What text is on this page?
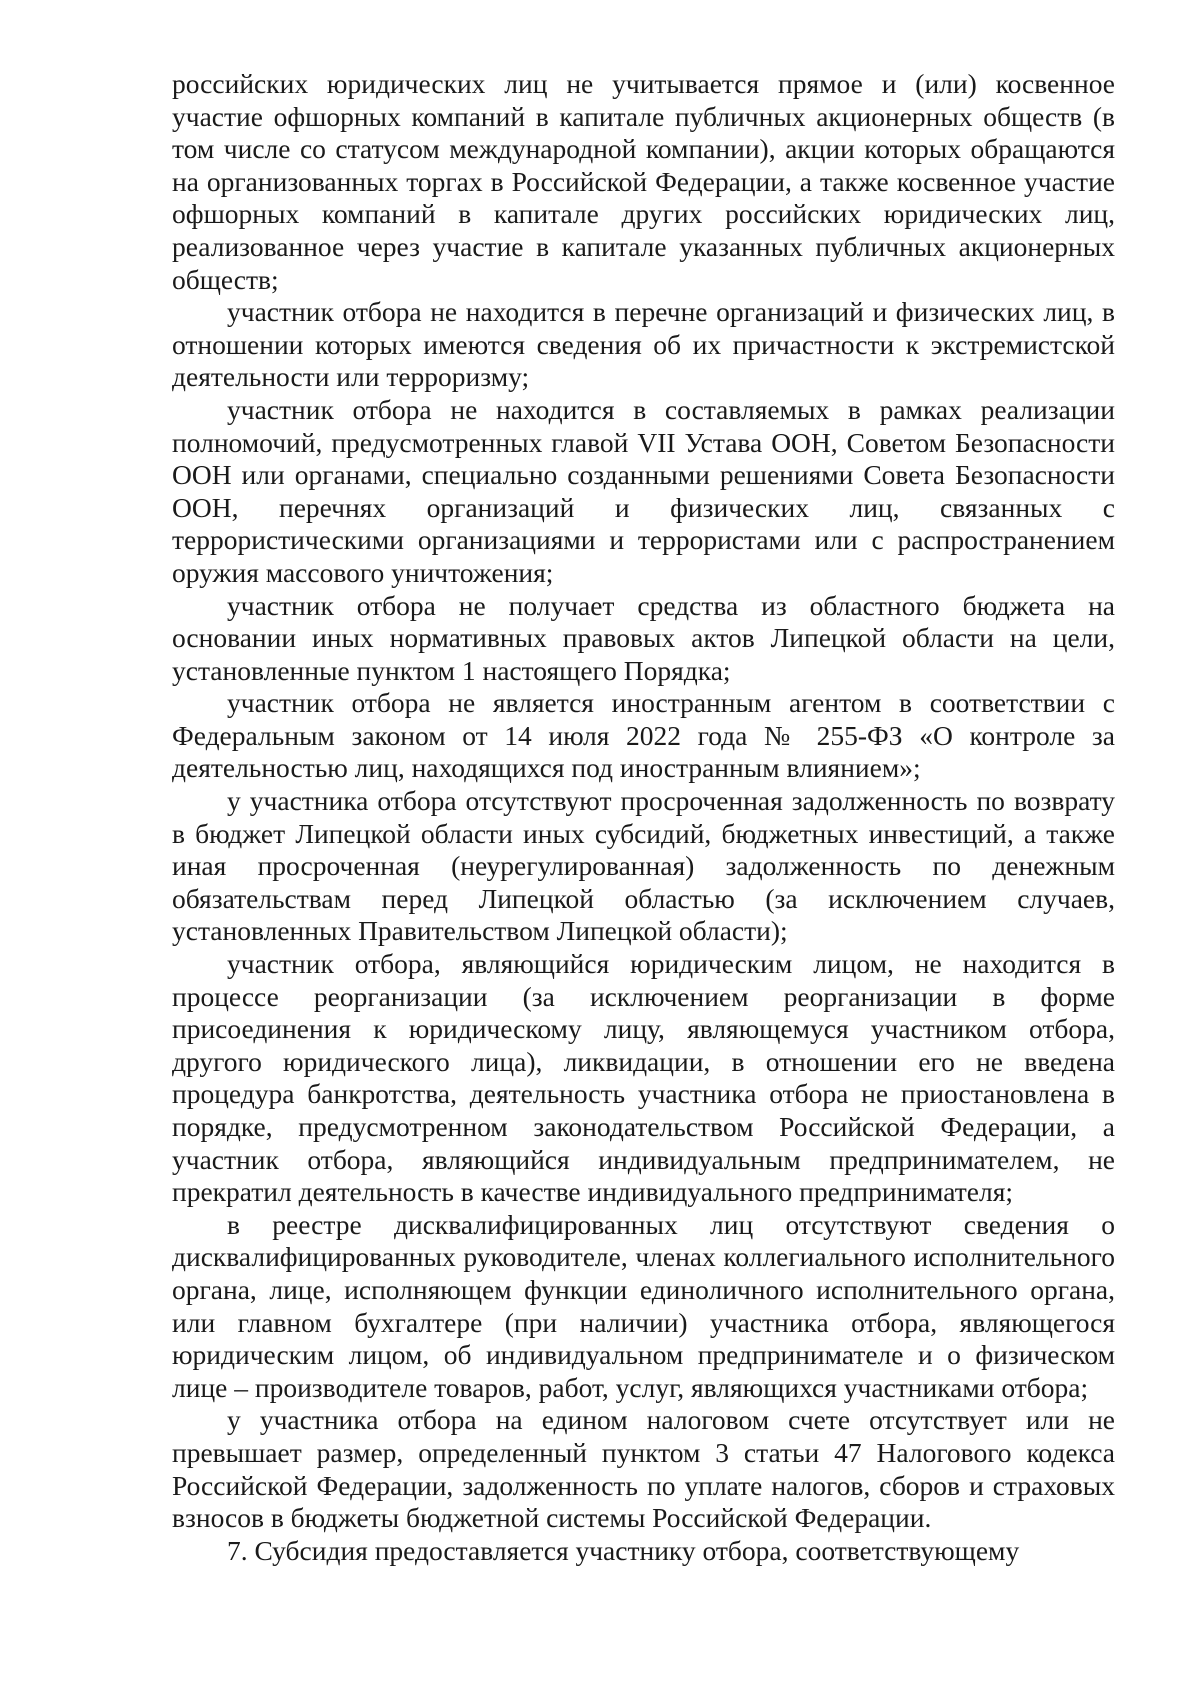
российских юридических лиц не учитывается прямое и (или) косвенное участие офшорных компаний в капитале публичных акционерных обществ (в том числе со статусом международной компании), акции которых обращаются на организованных торгах в Российской Федерации, а также косвенное участие офшорных компаний в капитале других российских юридических лиц, реализованное через участие в капитале указанных публичных акционерных обществ;

участник отбора не находится в перечне организаций и физических лиц, в отношении которых имеются сведения об их причастности к экстремистской деятельности или терроризму;

участник отбора не находится в составляемых в рамках реализации полномочий, предусмотренных главой VII Устава ООН, Советом Безопасности ООН или органами, специально созданными решениями Совета Безопасности ООН, перечнях организаций и физических лиц, связанных с террористическими организациями и террористами или с распространением оружия массового уничтожения;

участник отбора не получает средства из областного бюджета на основании иных нормативных правовых актов Липецкой области на цели, установленные пунктом 1 настоящего Порядка;

участник отбора не является иностранным агентом в соответствии с Федеральным законом от 14 июля 2022 года № 255-ФЗ «О контроле за деятельностью лиц, находящихся под иностранным влиянием»;

у участника отбора отсутствуют просроченная задолженность по возврату в бюджет Липецкой области иных субсидий, бюджетных инвестиций, а также иная просроченная (неурегулированная) задолженность по денежным обязательствам перед Липецкой областью (за исключением случаев, установленных Правительством Липецкой области);

участник отбора, являющийся юридическим лицом, не находится в процессе реорганизации (за исключением реорганизации в форме присоединения к юридическому лицу, являющемуся участником отбора, другого юридического лица), ликвидации, в отношении его не введена процедура банкротства, деятельность участника отбора не приостановлена в порядке, предусмотренном законодательством Российской Федерации, а участник отбора, являющийся индивидуальным предпринимателем, не прекратил деятельность в качестве индивидуального предпринимателя;

в реестре дисквалифицированных лиц отсутствуют сведения о дисквалифицированных руководителе, членах коллегиального исполнительного органа, лице, исполняющем функции единоличного исполнительного органа, или главном бухгалтере (при наличии) участника отбора, являющегося юридическим лицом, об индивидуальном предпринимателе и о физическом лице – производителе товаров, работ, услуг, являющихся участниками отбора;

у участника отбора на едином налоговом счете отсутствует или не превышает размер, определенный пунктом 3 статьи 47 Налогового кодекса Российской Федерации, задолженность по уплате налогов, сборов и страховых взносов в бюджеты бюджетной системы Российской Федерации.

7. Субсидия предоставляется участнику отбора, соответствующему
